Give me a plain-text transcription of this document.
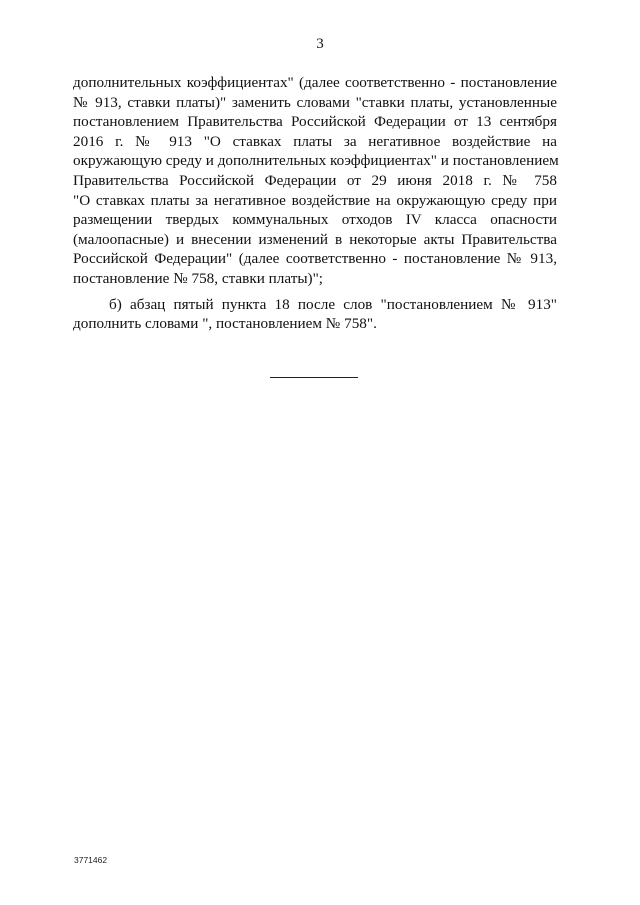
3
дополнительных коэффициентах" (далее соответственно - постановление
№ 913, ставки платы)" заменить словами "ставки платы, установленные
постановлением Правительства Российской Федерации от 13 сентября
2016 г. № 913 "О ставках платы за негативное воздействие на
окружающую среду и дополнительных коэффициентах" и постановлением
Правительства Российской Федерации от 29 июня 2018 г. № 758
"О ставках платы за негативное воздействие на окружающую среду при
размещении твердых коммунальных отходов IV класса опасности
(малоопасные) и внесении изменений в некоторые акты Правительства
Российской Федерации" (далее соответственно - постановление № 913,
постановление № 758, ставки платы)";
б) абзац пятый пункта 18 после слов "постановлением № 913"
дополнить словами ", постановлением № 758".
3771462
